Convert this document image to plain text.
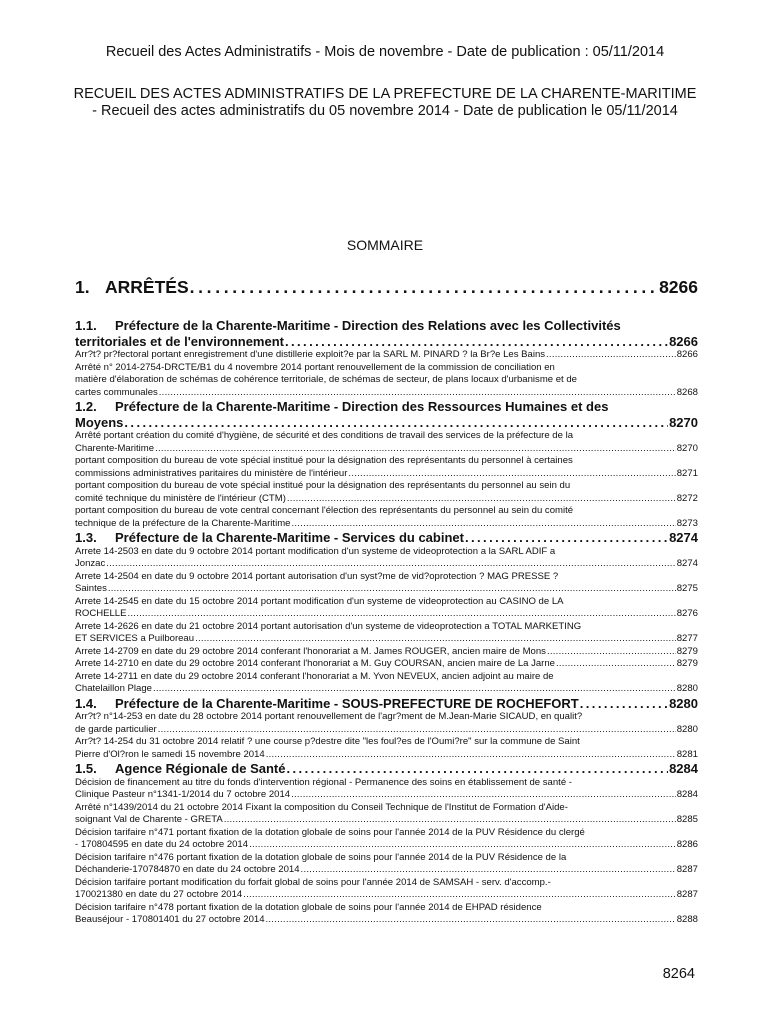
Recueil des Actes Administratifs - Mois de novembre - Date de publication : 05/11/2014
RECUEIL DES ACTES ADMINISTRATIFS DE LA PREFECTURE DE LA CHARENTE-MARITIME - Recueil des actes administratifs du 05 novembre 2014 - Date de publication le 05/11/2014
SOMMAIRE
1. ARRÊTÉS . . .	8266
1.1. Préfecture de la Charente-Maritime - Direction des Relations avec les Collectivités
territoriales et de l'environnement . . .	8266
Arr?t? pr?fectoral portant enregistrement d'une distillerie exploit?e par la SARL M. PINARD ? la Br?e Les Bains . . .	8266
Arrêté n° 2014-2754-DRCTE/B1 du 4 novembre 2014 portant renouvellement de la commission de conciliation en
matière d'élaboration de schémas de cohérence territoriale, de schémas de secteur, de plans locaux d'urbanisme et de
cartes communales . . .	8268
1.2. Préfecture de la Charente-Maritime - Direction des Ressources Humaines et des
Moyens . . .	8270
Arrêté portant création du comité d'hygiène, de sécurité et des conditions de travail des services de la préfecture de la
Charente-Maritime . . .	8270
portant composition du bureau de vote spécial institué pour la désignation des représentants du personnel à certaines
commissions administratives paritaires du ministère de l'intérieur . . .	8271
portant composition du bureau de vote spécial institué pour la désignation des représentants du personnel au sein du
comité technique du ministère de l'intérieur (CTM) . . .	8272
portant composition du bureau de vote central concernant l'élection des représentants du personnel au sein du comité
technique de la préfecture de la Charente-Maritime . . .	8273
1.3.	Préfecture de la Charente-Maritime - Services du cabinet . . .	8274
Arrete 14-2503 en date du 9 octobre 2014 portant modification d'un systeme de videoprotection a la SARL ADIF a
Jonzac . . .	8274
Arrete 14-2504 en date du 9 octobre 2014 portant autorisation d'un syst?me de vid?oprotection ? MAG PRESSE ?
Saintes . . .	8275
Arrete 14-2545 en date du 15 octobre 2014 portant modification d'un systeme de videoprotection au CASINO de LA
ROCHELLE . . .	8276
Arrete 14-2626 en date du 21 octobre 2014 portant autorisation d'un systeme de videoprotection a TOTAL MARKETING
ET SERVICES a Puilboreau . . .	8277
Arrete 14-2709 en date du 29 octobre 2014 conferant l'honorariat a M. James ROUGER, ancien maire de Mons . . .	8279
Arrete 14-2710 en date du 29 octobre 2014 conferant l'honorariat a M. Guy COURSAN, ancien maire de La Jarne . . .	8279
Arrete 14-2711 en date du 29 octobre 2014 conferant l'honorariat a M. Yvon NEVEUX, ancien adjoint au maire de
Chatelaillon Plage . . .	8280
1.4.	Préfecture de la Charente-Maritime - SOUS-PREFECTURE DE ROCHEFORT . . .	8280
Arr?t? n°14-253 en date du 28 octobre 2014 portant renouvellement de l'agr?ment de M.Jean-Marie SICAUD, en qualit?
de garde particulier . . .	8280
Arr?t? 14-254 du 31 octobre 2014 relatif ? une course p?destre dite "les foul?es de l'Oumi?re" sur la commune de Saint
Pierre d'Ol?ron le samedi 15 novembre 2014 . . .	8281
1.5.	Agence Régionale de Santé . . .	8284
Décision de financement au titre du fonds d'intervention régional - Permanence des soins en établissement de santé -
Clinique Pasteur n°1341-1/2014 du 7 octobre 2014 . . .	8284
Arrêté n°1439/2014 du 21 octobre 2014 Fixant la composition du Conseil Technique de l'Institut de Formation d'Aide-
soignant Val de Charente - GRETA . . .	8285
Décision tarifaire n°471 portant fixation de la dotation globale de soins pour l'année 2014 de la PUV Résidence du clergé
- 170804595 en date du 24 octobre 2014 . . .	8286
Décision tarifaire n°476 portant fixation de la dotation globale de soins pour l'année 2014 de la PUV Résidence de la
Déchanderie-170784870 en date du 24 octobre 2014 . . .	8287
Décision tarifaire portant modification du forfait global de soins pour l'année 2014 de SAMSAH - serv. d'accomp.-
170021380 en date du 27 octobre 2014 . . .	8287
Décision tarifaire n°478 portant fixation de la dotation globale de soins pour l'année 2014 de EHPAD résidence
Beauséjour - 170801401 du 27 octobre 2014 . . .	8288
8264
